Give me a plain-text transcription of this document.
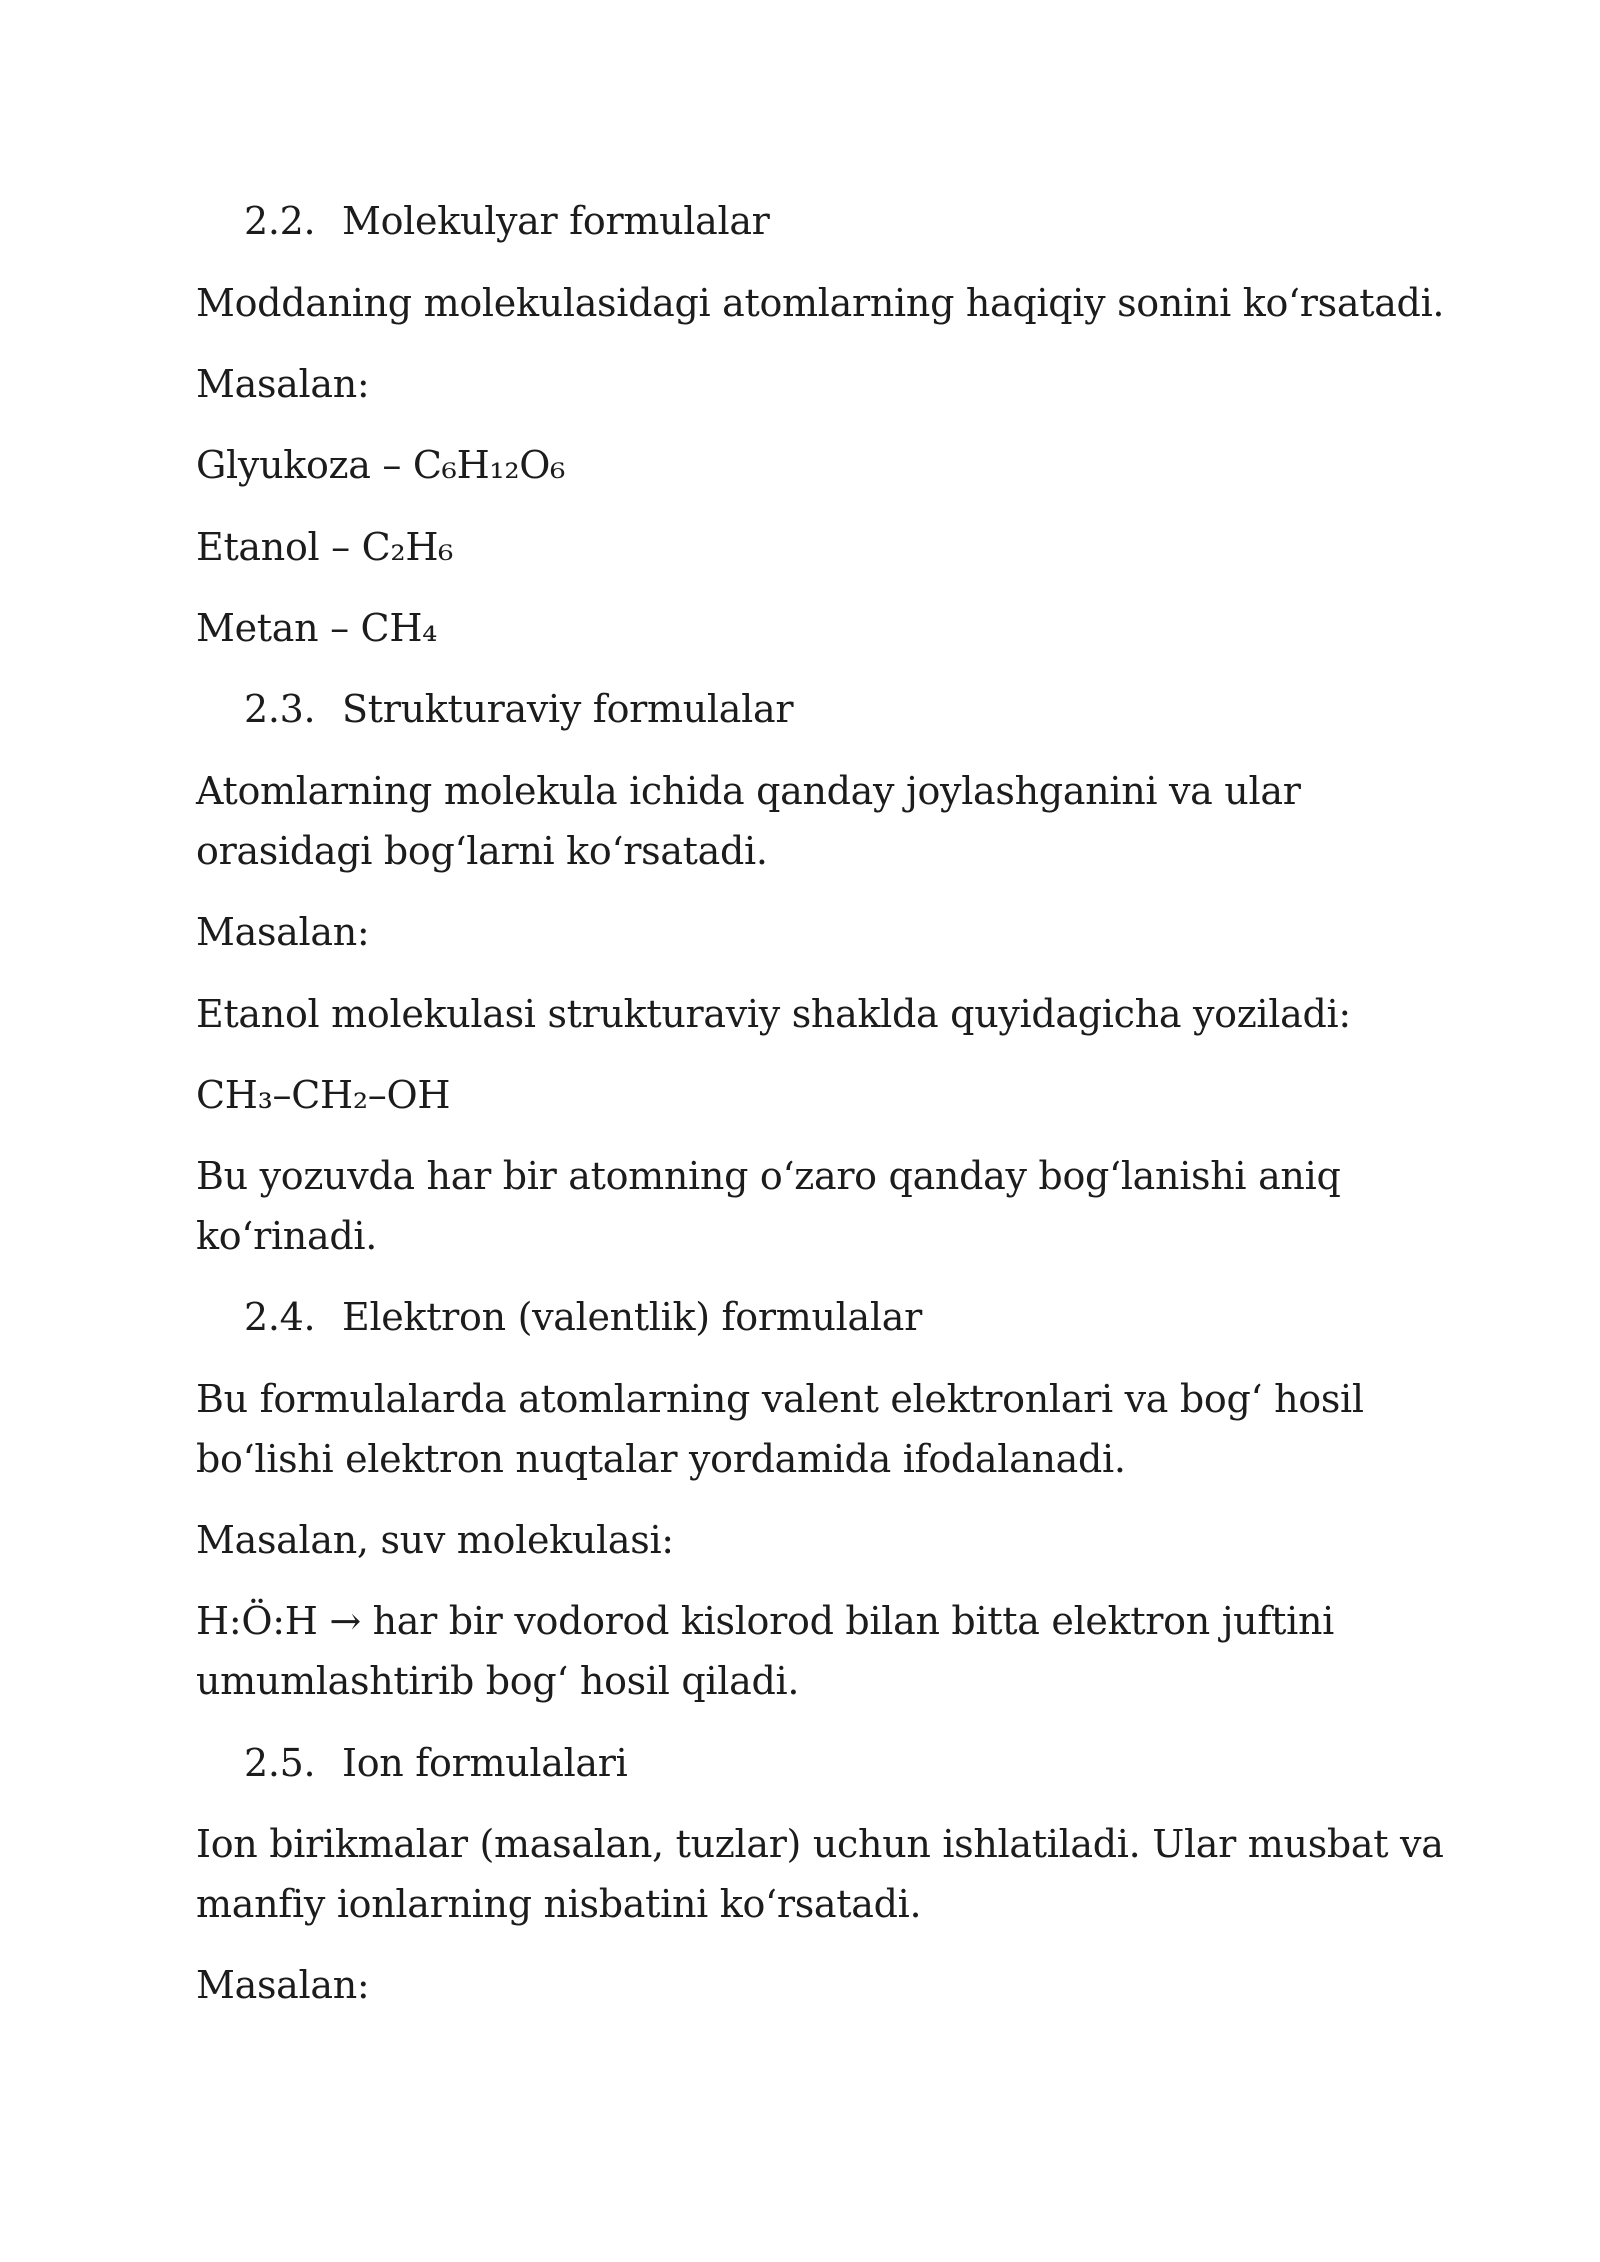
2.2. Molekulyar formulalar
Moddaning molekulasidagi atomlarning haqiqiy sonini ko‘rsatadi.
Masalan:
Glyukoza – C₆H₁₂O₆
Etanol – C₂H₆
Metan – CH₄
2.3. Strukturaviy formulalar
Atomlarning molekula ichida qanday joylashganini va ular
orasidagi bog‘larni ko‘rsatadi.
Masalan:
Etanol molekulasi strukturaviy shaklda quyidagicha yoziladi:
CH₃–CH₂–OH
Bu yozuvda har bir atomning o‘zaro qanday bog‘lanishi aniq
ko‘rinadi.
2.4. Elektron (valentlik) formulalar
Bu formulalarda atomlarning valent elektronlari va bog‘ hosil
bo‘lishi elektron nuqtalar yordamida ifodalanadi.
Masalan, suv molekulasi:
H:Ö:H → har bir vodorod kislorod bilan bitta elektron juftini
umumlashtirib bog‘ hosil qiladi.
2.5. Ion formulalari
Ion birikmalar (masalan, tuzlar) uchun ishlatiladi. Ular musbat va
manfiy ionlarning nisbatini ko‘rsatadi.
Masalan:
